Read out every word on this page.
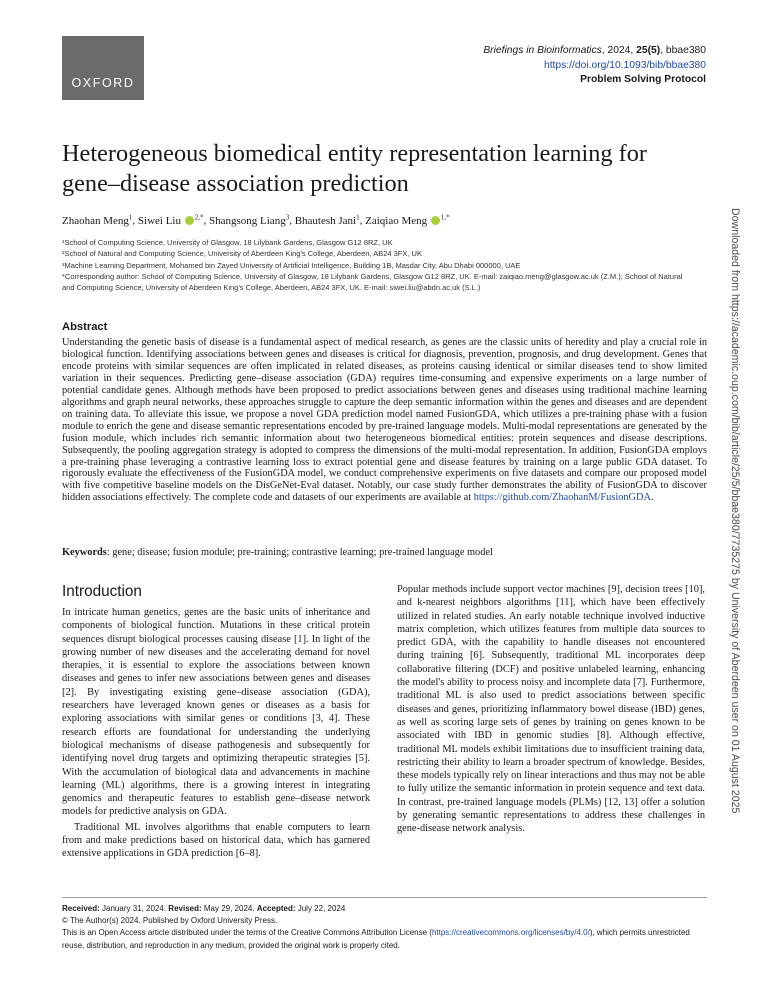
OXFORD
Briefings in Bioinformatics, 2024, 25(5), bbae380
https://doi.org/10.1093/bib/bbae380
Problem Solving Protocol
Heterogeneous biomedical entity representation learning for gene–disease association prediction
Zhaohan Meng$^1$, Siwei Liu $^{2,*}$, Shangsong Liang$^3$, Bhautesh Jani$^1$, Zaiqiao Meng $^{1,*}$
¹School of Computing Science, University of Glasgow, 18 Lilybank Gardens, Glasgow G12 8RZ, UK
²School of Natural and Computing Science, University of Aberdeen King's College, Aberdeen, AB24 3FX, UK
³Machine Learning Department, Mohamed bin Zayed University of Artificial Intelligence, Building 1B, Masdar City, Abu Dhabi 000000, UAE
*Corresponding author: School of Computing Science, University of Glasgow, 18 Lilybank Gardens, Glasgow G12 8RZ, UK. E-mail: zaiqiao.meng@glasgow.ac.uk (Z.M.); School of Natural and Computing Science, University of Aberdeen King's College, Aberdeen, AB24 3FX, UK. E-mail: siwei.liu@abdn.ac.uk (S.L.)
Abstract
Understanding the genetic basis of disease is a fundamental aspect of medical research, as genes are the classic units of heredity and play a crucial role in biological function. Identifying associations between genes and diseases is critical for diagnosis, prevention, prognosis, and drug development. Genes that encode proteins with similar sequences are often implicated in related diseases, as proteins causing identical or similar diseases tend to show limited variation in their sequences. Predicting gene–disease association (GDA) requires time-consuming and expensive experiments on a large number of potential candidate genes. Although methods have been proposed to predict associations between genes and diseases using traditional machine learning algorithms and graph neural networks, these approaches struggle to capture the deep semantic information within the genes and diseases and are dependent on training data. To alleviate this issue, we propose a novel GDA prediction model named FusionGDA, which utilizes a pre-training phase with a fusion module to enrich the gene and disease semantic representations encoded by pre-trained language models. Multi-modal representations are generated by the fusion module, which includes rich semantic information about two heterogeneous biomedical entities: protein sequences and disease descriptions. Subsequently, the pooling aggregation strategy is adopted to compress the dimensions of the multi-modal representation. In addition, FusionGDA employs a pre-training phase leveraging a contrastive learning loss to extract potential gene and disease features by training on a large public GDA dataset. To rigorously evaluate the effectiveness of the FusionGDA model, we conduct comprehensive experiments on five datasets and compare our proposed model with five competitive baseline models on the DisGeNet-Eval dataset. Notably, our case study further demonstrates the ability of FusionGDA to discover hidden associations effectively. The complete code and datasets of our experiments are available at https://github.com/ZhaohanM/FusionGDA.
Keywords: gene; disease; fusion module; pre-training; contrastive learning; pre-trained language model

Introduction

In intricate human genetics, genes are the basic units of inheritance and components of biological function. Mutations in these critical protein sequences disrupt biological processes causing disease [1]. In light of the growing number of new diseases and the accelerating demand for novel therapies, it is essential to explore the associations between known diseases and genes to infer new associations between genes and diseases [2]. By investigating existing gene–disease association (GDA), researchers have leveraged known genes or diseases as a basis for exploring associations with similar genes or conditions [3, 4]. These research efforts are foundational for understanding the underlying biological mechanisms of disease pathogenesis and subsequently for identifying novel drug targets and optimizing therapeutic strategies [5]. With the accumulation of biological data and advancements in machine learning (ML) algorithms, there is a growing interest in integrating genomics and therapeutic features to establish gene–disease network models for predictive analysis on GDA.

Traditional ML involves algorithms that enable computers to learn from and make predictions based on historical data, which has garnered extensive applications in GDA prediction [6–8].

Popular methods include support vector machines [9], decision trees [10], and k-nearest neighbors algorithms [11], which have been effectively utilized in related studies. An early notable technique involved inductive matrix completion, which utilizes features from multiple data sources to predict GDA, with the capability to handle diseases not encountered during training [6]. Subsequently, traditional ML incorporates deep collaborative filtering (DCF) and positive unlabeled learning, enhancing the model's ability to process noisy and incomplete data [7]. Furthermore, traditional ML is also used to predict associations between specific diseases and genes, prioritizing inflammatory bowel disease (IBD) genes, as well as scoring large sets of genes by training on genes known to be associated with IBD in genomic studies [8]. Although effective, traditional ML models exhibit limitations due to insufficient training data, restricting their ability to learn a broader spectrum of knowledge. Besides, these models typically rely on linear interactions and thus may not be able to fully utilize the semantic information in protein sequence and text data. In contrast, pre-trained language models (PLMs) [12, 13] offer a solution by generating semantic representations to address these challenges in gene-disease network analysis.

Received: January 31, 2024. Revised: May 29, 2024. Accepted: July 22, 2024
© The Author(s) 2024. Published by Oxford University Press.
This is an Open Access article distributed under the terms of the Creative Commons Attribution License (https://creativecommons.org/licenses/by/4.0/), which permits unrestricted reuse, distribution, and reproduction in any medium, provided the original work is properly cited.
Downloaded from https://academic.oup.com/bib/article/25/5/bbae380/7735275 by University of Aberdeen user on 01 August 2025
